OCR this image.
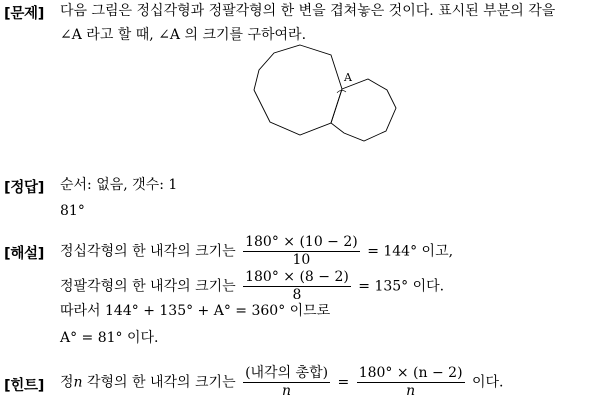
[문제] 다음 그림은 정십각형과 정팔각형의 한 변을 겹쳐놓은 것이다. 표시된 부분의 각을
∠A 라고 할 때, ∠A 의 크기를 구하여라.
A
[정답] 순서: 없음, 갯수: 1
81°
[해설] 정십각형의 한 내각의 크기는 $\frac{180^\circ \times (10 - 2)}{10} = 144^\circ$ 이고,
정팔각형의 한 내각의 크기는 $\frac{180^\circ \times (8 - 2)}{8} = 135^\circ$ 이다.
따라서 144° + 135° + A° = 360° 이므로
A° = 81° 이다.
[힌트] 정n 각형의 한 내각의 크기는 $\frac{\text{(내각의 총합)}}{n} = \frac{180^\circ \times (n - 2)}{n}$ 이다.
